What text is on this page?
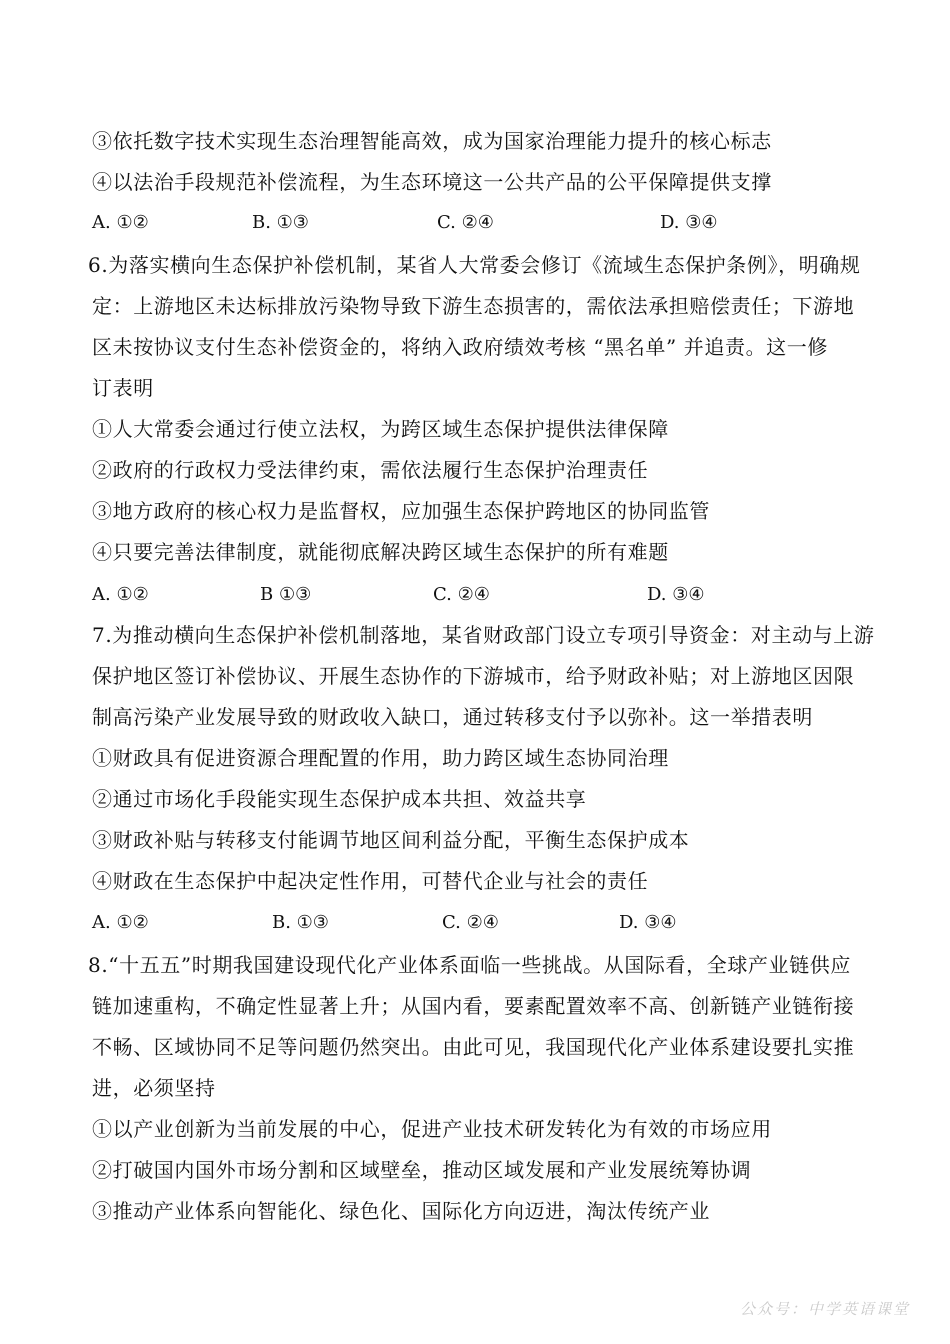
③依托数字技术实现生态治理智能高效，成为国家治理能力提升的核心标志
④以法治手段规范补偿流程，为生态环境这一公共产品的公平保障提供支撑
A. ①②	B. ①③	C. ②④	D. ③④
6.为落实横向生态保护补偿机制，某省人大常委会修订《流域生态保护条例》，明确规
定：上游地区未达标排放污染物导致下游生态损害的，需依法承担赔偿责任；下游地
区未按协议支付生态补偿资金的，将纳入政府绩效考核 “黑名单” 并追责。这一修
订表明
①人大常委会通过行使立法权，为跨区域生态保护提供法律保障
②政府的行政权力受法律约束，需依法履行生态保护治理责任
③地方政府的核心权力是监督权，应加强生态保护跨地区的协同监管
④只要完善法律制度，就能彻底解决跨区域生态保护的所有难题
A. ①②	B ①③	C. ②④	D. ③④
7.为推动横向生态保护补偿机制落地，某省财政部门设立专项引导资金：对主动与上游
保护地区签订补偿协议、开展生态协作的下游城市，给予财政补贴；对上游地区因限
制高污染产业发展导致的财政收入缺口，通过转移支付予以弥补。这一举措表明
①财政具有促进资源合理配置的作用，助力跨区域生态协同治理
②通过市场化手段能实现生态保护成本共担、效益共享
③财政补贴与转移支付能调节地区间利益分配，平衡生态保护成本
④财政在生态保护中起决定性作用，可替代企业与社会的责任
A. ①②	B. ①③	C. ②④	D. ③④
8.“十五五”时期我国建设现代化产业体系面临一些挑战。从国际看，全球产业链供应
链加速重构，不确定性显著上升；从国内看，要素配置效率不高、创新链产业链衔接
不畅、区域协同不足等问题仍然突出。由此可见，我国现代化产业体系建设要扎实推
进，必须坚持
①以产业创新为当前发展的中心，促进产业技术研发转化为有效的市场应用
②打破国内国外市场分割和区域壁垒，推动区域发展和产业发展统筹协调
③推动产业体系向智能化、绿色化、国际化方向迈进，淘汰传统产业
公众号：中学英语课堂
